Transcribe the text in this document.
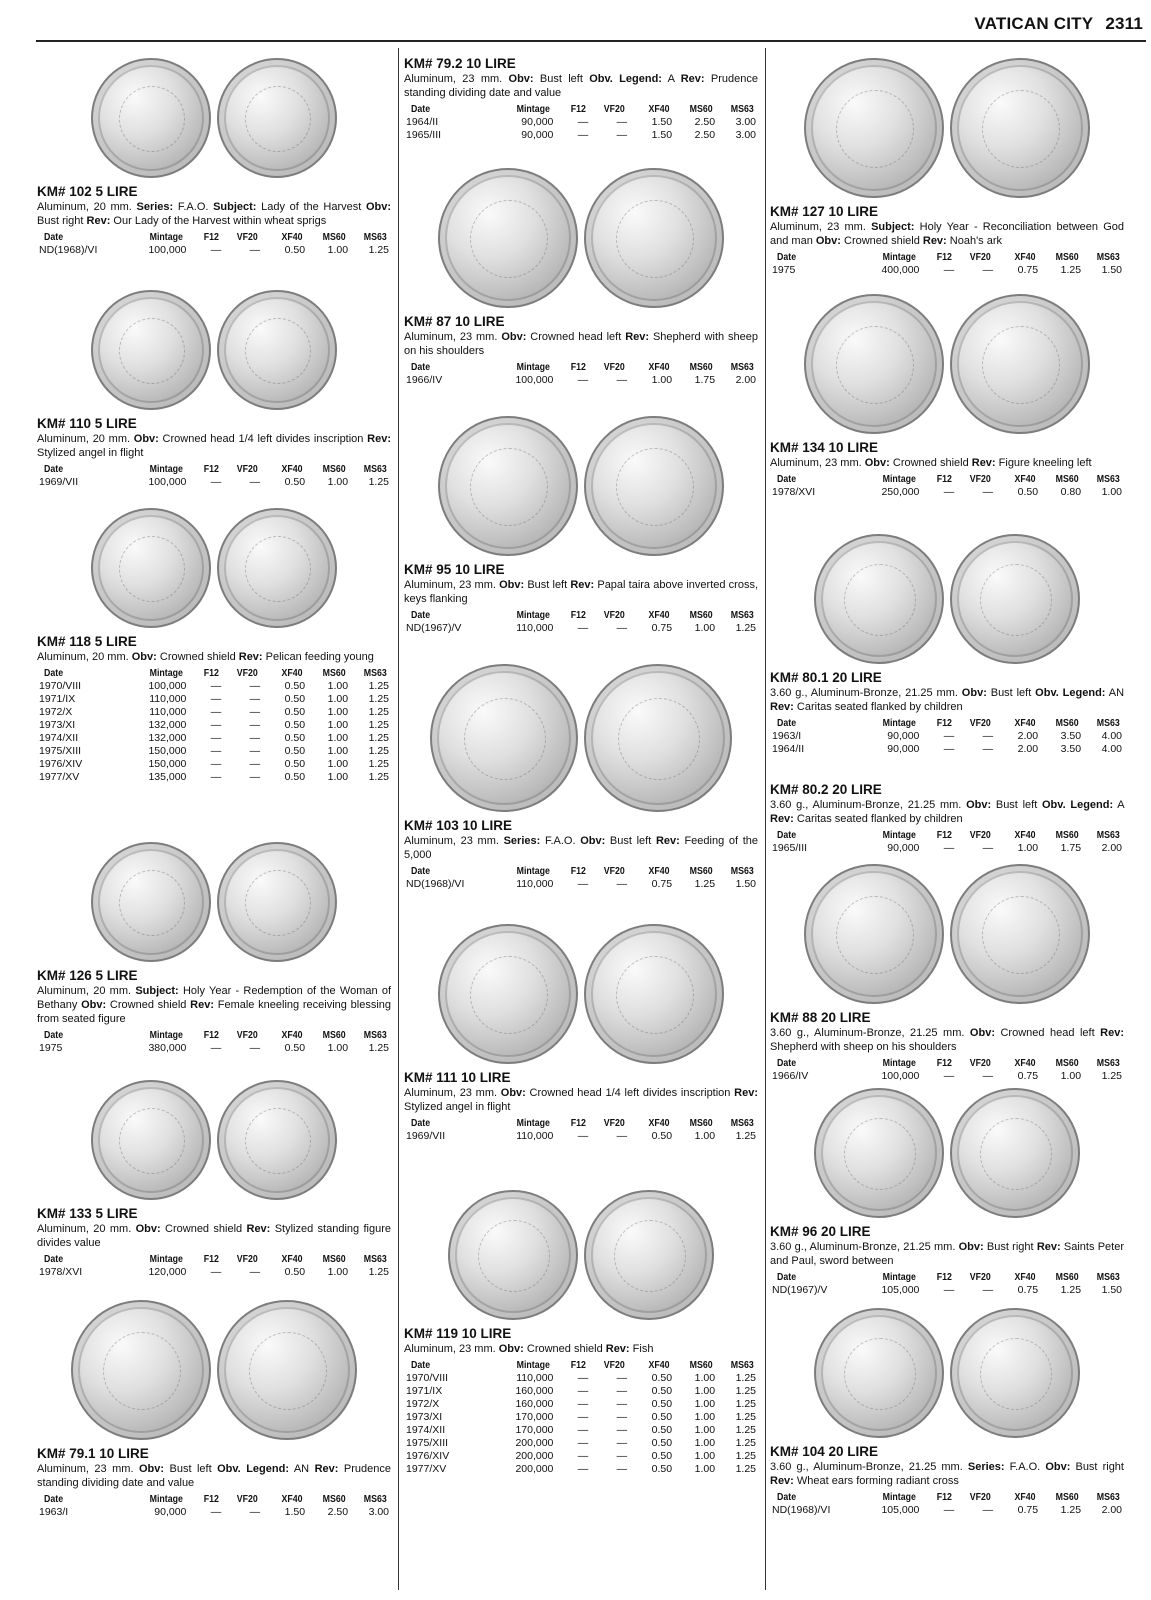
VATICAN CITY 2311
KM# 102 5 LIRE
Aluminum, 20 mm. Series: F.A.O. Subject: Lady of the Harvest Obv: Bust right Rev: Our Lady of the Harvest within wheat sprigs
Date	Mintage	F12	VF20	XF40	MS60	MS63
ND(1968)/VI	100,000	—	—	0.50	1.00	1.25
KM# 110 5 LIRE
Aluminum, 20 mm. Obv: Crowned head 1/4 left divides inscription Rev: Stylized angel in flight
Date	Mintage	F12	VF20	XF40	MS60	MS63
1969/VII	100,000	—	—	0.50	1.00	1.25
KM# 118 5 LIRE
Aluminum, 20 mm. Obv: Crowned shield Rev: Pelican feeding young
Date	Mintage	F12	VF20	XF40	MS60	MS63
1970/VIII	100,000	—	—	0.50	1.00	1.25
1971/IX	110,000	—	—	0.50	1.00	1.25
1972/X	110,000	—	—	0.50	1.00	1.25
1973/XI	132,000	—	—	0.50	1.00	1.25
1974/XII	132,000	—	—	0.50	1.00	1.25
1975/XIII	150,000	—	—	0.50	1.00	1.25
1976/XIV	150,000	—	—	0.50	1.00	1.25
1977/XV	135,000	—	—	0.50	1.00	1.25
KM# 126 5 LIRE
Aluminum, 20 mm. Subject: Holy Year - Redemption of the Woman of Bethany Obv: Crowned shield Rev: Female kneeling receiving blessing from seated figure
Date	Mintage	F12	VF20	XF40	MS60	MS63
1975	380,000	—	—	0.50	1.00	1.25
KM# 133 5 LIRE
Aluminum, 20 mm. Obv: Crowned shield Rev: Stylized standing figure divides value
Date	Mintage	F12	VF20	XF40	MS60	MS63
1978/XVI	120,000	—	—	0.50	1.00	1.25
KM# 79.1 10 LIRE
Aluminum, 23 mm. Obv: Bust left Obv. Legend: AN Rev: Prudence standing dividing date and value
Date	Mintage	F12	VF20	XF40	MS60	MS63
1963/I	90,000	—	—	1.50	2.50	3.00
KM# 79.2 10 LIRE
Aluminum, 23 mm. Obv: Bust left Obv. Legend: A Rev: Prudence standing dividing date and value
Date	Mintage	F12	VF20	XF40	MS60	MS63
1964/II	90,000	—	—	1.50	2.50	3.00
1965/III	90,000	—	—	1.50	2.50	3.00
KM# 87 10 LIRE
Aluminum, 23 mm. Obv: Crowned head left Rev: Shepherd with sheep on his shoulders
Date	Mintage	F12	VF20	XF40	MS60	MS63
1966/IV	100,000	—	—	1.00	1.75	2.00
KM# 95 10 LIRE
Aluminum, 23 mm. Obv: Bust left Rev: Papal taira above inverted cross, keys flanking
Date	Mintage	F12	VF20	XF40	MS60	MS63
ND(1967)/V	110,000	—	—	0.75	1.00	1.25
KM# 103 10 LIRE
Aluminum, 23 mm. Series: F.A.O. Obv: Bust left Rev: Feeding of the 5,000
Date	Mintage	F12	VF20	XF40	MS60	MS63
ND(1968)/VI	110,000	—	—	0.75	1.25	1.50
KM# 111 10 LIRE
Aluminum, 23 mm. Obv: Crowned head 1/4 left divides inscription Rev: Stylized angel in flight
Date	Mintage	F12	VF20	XF40	MS60	MS63
1969/VII	110,000	—	—	0.50	1.00	1.25
KM# 119 10 LIRE
Aluminum, 23 mm. Obv: Crowned shield Rev: Fish
Date	Mintage	F12	VF20	XF40	MS60	MS63
1970/VIII	110,000	—	—	0.50	1.00	1.25
1971/IX	160,000	—	—	0.50	1.00	1.25
1972/X	160,000	—	—	0.50	1.00	1.25
1973/XI	170,000	—	—	0.50	1.00	1.25
1974/XII	170,000	—	—	0.50	1.00	1.25
1975/XIII	200,000	—	—	0.50	1.00	1.25
1976/XIV	200,000	—	—	0.50	1.00	1.25
1977/XV	200,000	—	—	0.50	1.00	1.25
KM# 127 10 LIRE
Aluminum, 23 mm. Subject: Holy Year - Reconciliation between God and man Obv: Crowned shield Rev: Noah's ark
Date	Mintage	F12	VF20	XF40	MS60	MS63
1975	400,000	—	—	0.75	1.25	1.50
KM# 134 10 LIRE
Aluminum, 23 mm. Obv: Crowned shield Rev: Figure kneeling left
Date	Mintage	F12	VF20	XF40	MS60	MS63
1978/XVI	250,000	—	—	0.50	0.80	1.00
KM# 80.1 20 LIRE
3.60 g., Aluminum-Bronze, 21.25 mm. Obv: Bust left Obv. Legend: AN Rev: Caritas seated flanked by children
Date	Mintage	F12	VF20	XF40	MS60	MS63
1963/I	90,000	—	—	2.00	3.50	4.00
1964/II	90,000	—	—	2.00	3.50	4.00
KM# 80.2 20 LIRE
3.60 g., Aluminum-Bronze, 21.25 mm. Obv: Bust left Obv. Legend: A Rev: Caritas seated flanked by children
Date	Mintage	F12	VF20	XF40	MS60	MS63
1965/III	90,000	—	—	1.00	1.75	2.00
KM# 88 20 LIRE
3.60 g., Aluminum-Bronze, 21.25 mm. Obv: Crowned head left Rev: Shepherd with sheep on his shoulders
Date	Mintage	F12	VF20	XF40	MS60	MS63
1966/IV	100,000	—	—	0.75	1.00	1.25
KM# 96 20 LIRE
3.60 g., Aluminum-Bronze, 21.25 mm. Obv: Bust right Rev: Saints Peter and Paul, sword between
Date	Mintage	F12	VF20	XF40	MS60	MS63
ND(1967)/V	105,000	—	—	0.75	1.25	1.50
KM# 104 20 LIRE
3.60 g., Aluminum-Bronze, 21.25 mm. Series: F.A.O. Obv: Bust right Rev: Wheat ears forming radiant cross
Date	Mintage	F12	VF20	XF40	MS60	MS63
ND(1968)/VI	105,000	—	—	0.75	1.25	2.00
